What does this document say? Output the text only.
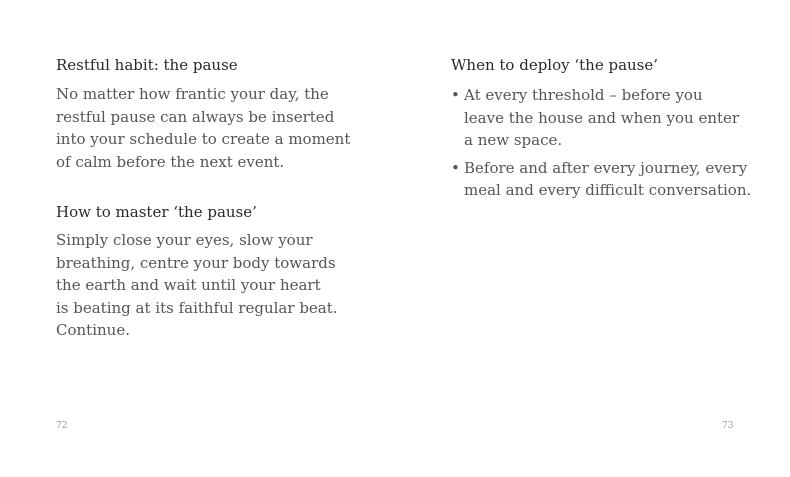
Restful habit: the pause

No matter how frantic your day, the
restful pause can always be inserted
into your schedule to create a moment
of calm before the next event.

How to master ‘the pause’

Simply close your eyes, slow your
breathing, centre your body towards
the earth and wait until your heart
is beating at its faithful regular beat.
Continue.

72

When to deploy ‘the pause’
• At every threshold – before you
leave the house and when you enter
a new space.
• Before and after every journey, every
meal and every difficult conversation.

73
